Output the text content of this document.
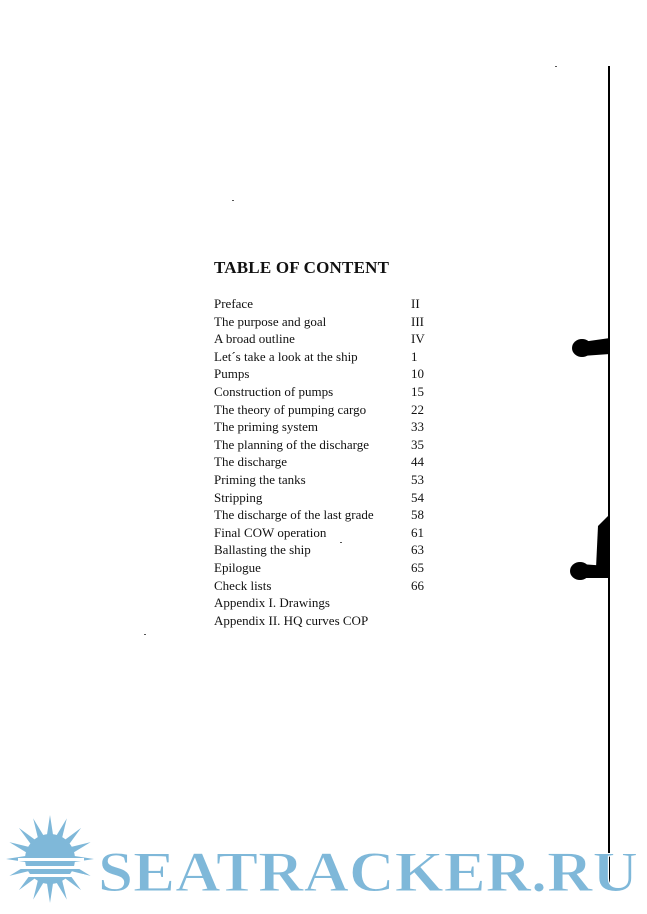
TABLE OF CONTENT
Preface	II
The purpose and goal	III
A broad outline	IV
Let´s take a look at the ship	1
Pumps	10
Construction of pumps	15
The theory of pumping cargo	22
The priming system	33
The planning of the discharge	35
The discharge	44
Priming the tanks	53
Stripping	54
The discharge of the last grade	58
Final COW operation	61
Ballasting the ship	63
Epilogue	65
Check lists	66
Appendix I. Drawings
Appendix II. HQ curves COP
SEATRACKER.RU
